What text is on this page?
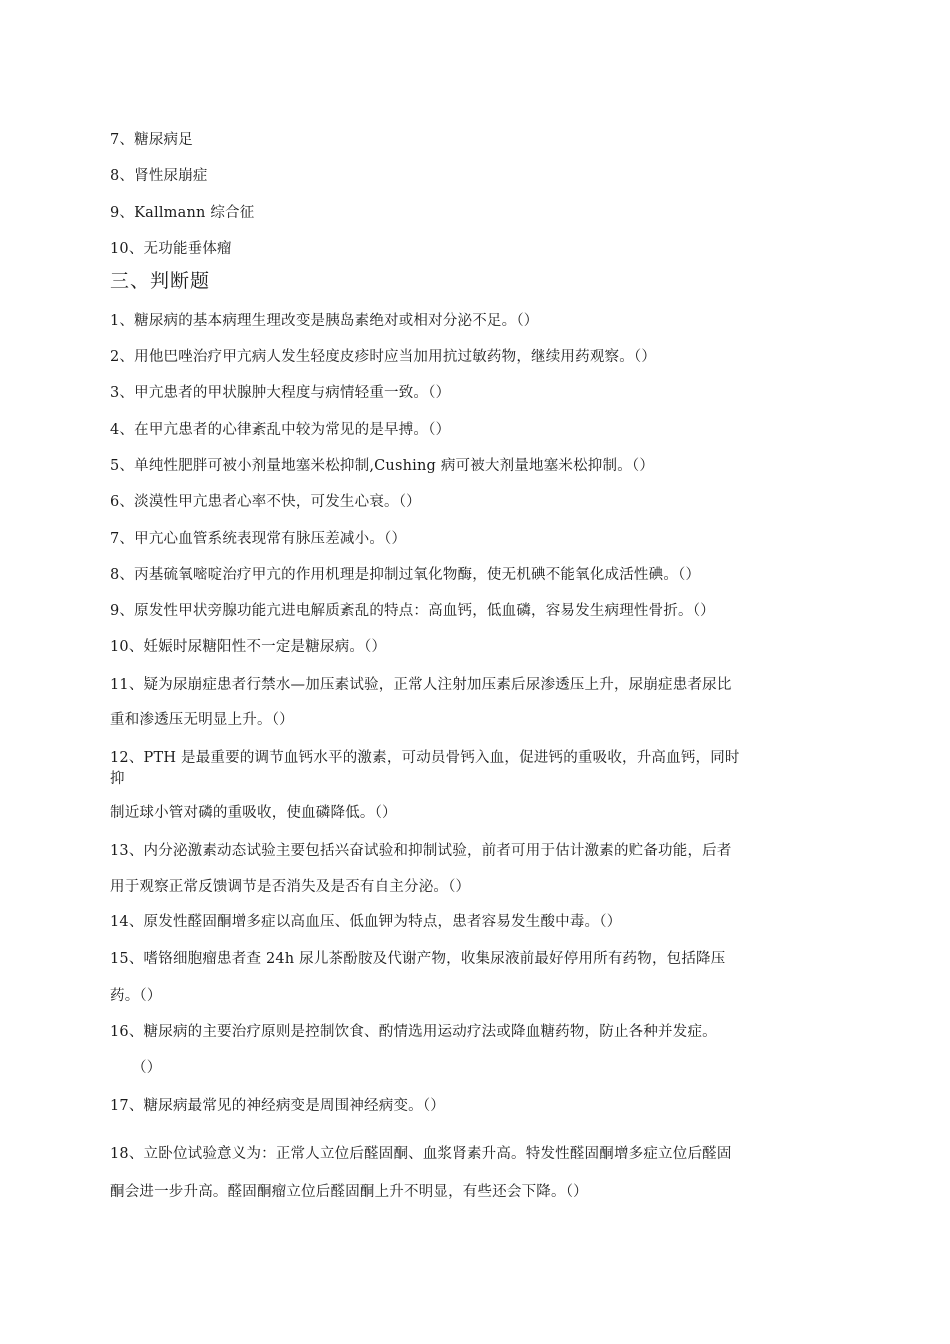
7、糖尿病足
8、肾性尿崩症
9、Kallmann 综合征
10、无功能垂体瘤
三、判断题
1、糖尿病的基本病理生理改变是胰岛素绝对或相对分泌不足。（）
2、用他巴唑治疗甲亢病人发生轻度皮疹时应当加用抗过敏药物，继续用药观察。（）
3、甲亢患者的甲状腺肿大程度与病情轻重一致。（）
4、在甲亢患者的心律紊乱中较为常见的是早搏。（）
5、单纯性肥胖可被小剂量地塞米松抑制,Cushing 病可被大剂量地塞米松抑制。（）
6、淡漠性甲亢患者心率不快，可发生心衰。（）
7、甲亢心血管系统表现常有脉压差减小。（）
8、丙基硫氧嘧啶治疗甲亢的作用机理是抑制过氧化物酶，使无机碘不能氧化成活性碘。（）
9、原发性甲状旁腺功能亢进电解质紊乱的特点：高血钙，低血磷，容易发生病理性骨折。（）
10、妊娠时尿糖阳性不一定是糖尿病。（）
11、疑为尿崩症患者行禁水—加压素试验，正常人注射加压素后尿渗透压上升，尿崩症患者尿比
重和渗透压无明显上升。（）
12、PTH 是最重要的调节血钙水平的激素，可动员骨钙入血，促进钙的重吸收，升高血钙，同时
抑
制近球小管对磷的重吸收，使血磷降低。（）
13、内分泌激素动态试验主要包括兴奋试验和抑制试验，前者可用于估计激素的贮备功能，后者
用于观察正常反馈调节是否消失及是否有自主分泌。（）
14、原发性醛固酮增多症以高血压、低血钾为特点，患者容易发生酸中毒。（）
15、嗜铬细胞瘤患者查 24h 尿儿茶酚胺及代谢产物，收集尿液前最好停用所有药物，包括降压
药。（）
16、糖尿病的主要治疗原则是控制饮食、酌情选用运动疗法或降血糖药物，防止各种并发症。
（）
17、糖尿病最常见的神经病变是周围神经病变。（）
18、立卧位试验意义为：正常人立位后醛固酮、血浆肾素升高。特发性醛固酮增多症立位后醛固
酮会进一步升高。醛固酮瘤立位后醛固酮上升不明显，有些还会下降。（）
